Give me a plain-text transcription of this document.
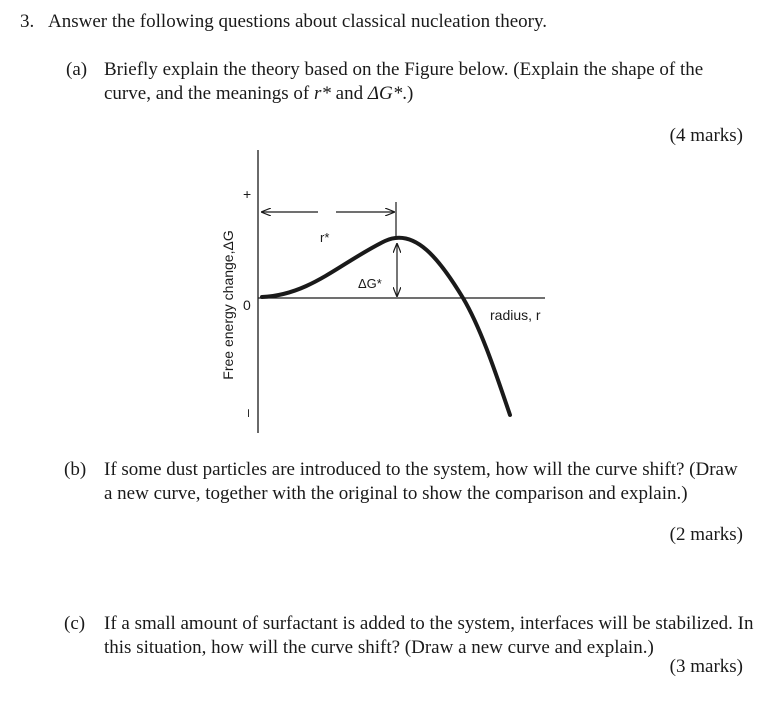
3. Answer the following questions about classical nucleation theory.
(a) Briefly explain the theory based on the Figure below. (Explain the shape of the curve, and the meanings of r* and ΔG*.)
(4 marks)
r*
ΔG*
radius, r
+
0
–
Free energy change,ΔG
(b) If some dust particles are introduced to the system, how will the curve shift? (Draw a new curve, together with the original to show the comparison and explain.)
(2 marks)
(c) If a small amount of surfactant is added to the system, interfaces will be stabilized. In this situation, how will the curve shift? (Draw a new curve and explain.)
(3 marks)
